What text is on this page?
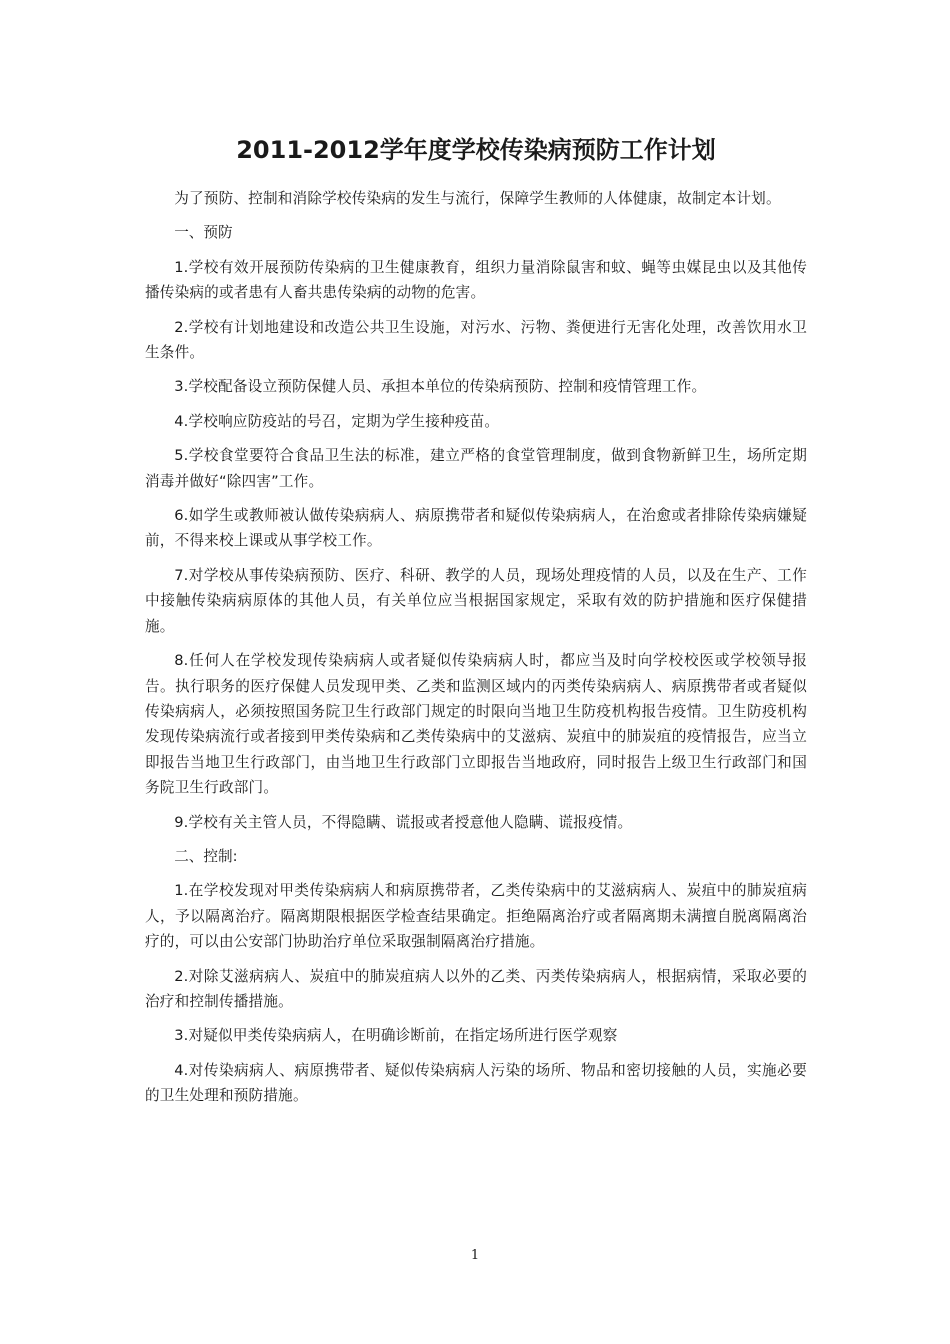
2011-2012学年度学校传染病预防工作计划

为了预防、控制和消除学校传染病的发生与流行，保障学生教师的人体健康，故制定本计划。

一、预防

1.学校有效开展预防传染病的卫生健康教育，组织力量消除鼠害和蚊、蝇等虫媒昆虫以及其他传播传染病的或者患有人畜共患传染病的动物的危害。

2.学校有计划地建设和改造公共卫生设施，对污水、污物、粪便进行无害化处理，改善饮用水卫生条件。

3.学校配备设立预防保健人员、承担本单位的传染病预防、控制和疫情管理工作。

4.学校响应防疫站的号召，定期为学生接种疫苗。

5.学校食堂要符合食品卫生法的标准，建立严格的食堂管理制度，做到食物新鲜卫生，场所定期消毒并做好“除四害”工作。

6.如学生或教师被认做传染病病人、病原携带者和疑似传染病病人，在治愈或者排除传染病嫌疑前，不得来校上课或从事学校工作。

7.对学校从事传染病预防、医疗、科研、教学的人员，现场处理疫情的人员，以及在生产、工作中接触传染病病原体的其他人员，有关单位应当根据国家规定，采取有效的防护措施和医疗保健措施。

8.任何人在学校发现传染病病人或者疑似传染病病人时，都应当及时向学校校医或学校领导报告。执行职务的医疗保健人员发现甲类、乙类和监测区域内的丙类传染病病人、病原携带者或者疑似传染病病人，必须按照国务院卫生行政部门规定的时限向当地卫生防疫机构报告疫情。卫生防疫机构发现传染病流行或者接到甲类传染病和乙类传染病中的艾滋病、炭疽中的肺炭疽的疫情报告，应当立即报告当地卫生行政部门，由当地卫生行政部门立即报告当地政府，同时报告上级卫生行政部门和国务院卫生行政部门。

9.学校有关主管人员，不得隐瞒、谎报或者授意他人隐瞒、谎报疫情。

二、控制:

1.在学校发现对甲类传染病病人和病原携带者，乙类传染病中的艾滋病病人、炭疽中的肺炭疽病人，予以隔离治疗。隔离期限根据医学检查结果确定。拒绝隔离治疗或者隔离期未满擅自脱离隔离治疗的，可以由公安部门协助治疗单位采取强制隔离治疗措施。

2.对除艾滋病病人、炭疽中的肺炭疽病人以外的乙类、丙类传染病病人，根据病情，采取必要的治疗和控制传播措施。

3.对疑似甲类传染病病人，在明确诊断前，在指定场所进行医学观察

4.对传染病病人、病原携带者、疑似传染病病人污染的场所、物品和密切接触的人员，实施必要的卫生处理和预防措施。

1
